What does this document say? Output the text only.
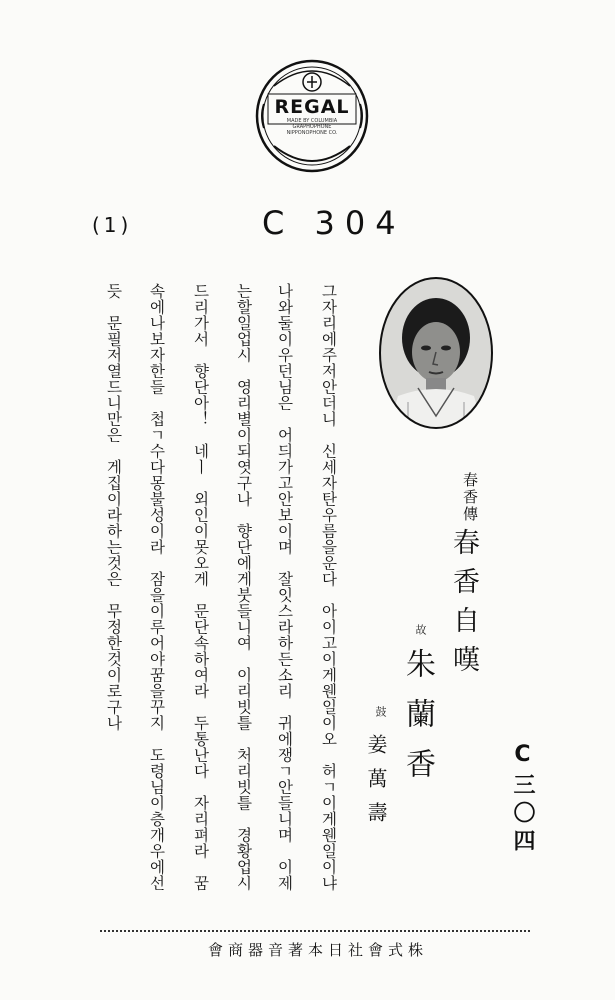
REGAL
MADE BY COLUMBIA GRAPHOPHONE
NIPPONOPHONE CO.
(1)	C 304
그자리에주저안더니　신세자탄우름을운다　아이고이게웬일이오　허ㄱ이게웬일이냐
나와둘이우던님은　어듸가고안보이며　잘잇스라하든소리　귀에쟁ㄱ안들니며　이제
는할일업시　영리별이되엿구나　향단에게붓들니여　이리빗틀　처리빗틀　경황업시
드리가서　향단아！　네ㅣ　외인이못오게　문단속하여라　두통난다　자리펴라　꿈
속에나보자한들　첩ㄱ수다몽불성이라　잠을이루어야꿈을꾸지　도령님이층개우에선
듯　문필저열드니만은　게집이라하는것은　무정한것이로구나	春香傳
春香自嘆
故
朱蘭香
鼓
姜萬壽	C三〇四
會商器音著本日社會式株
